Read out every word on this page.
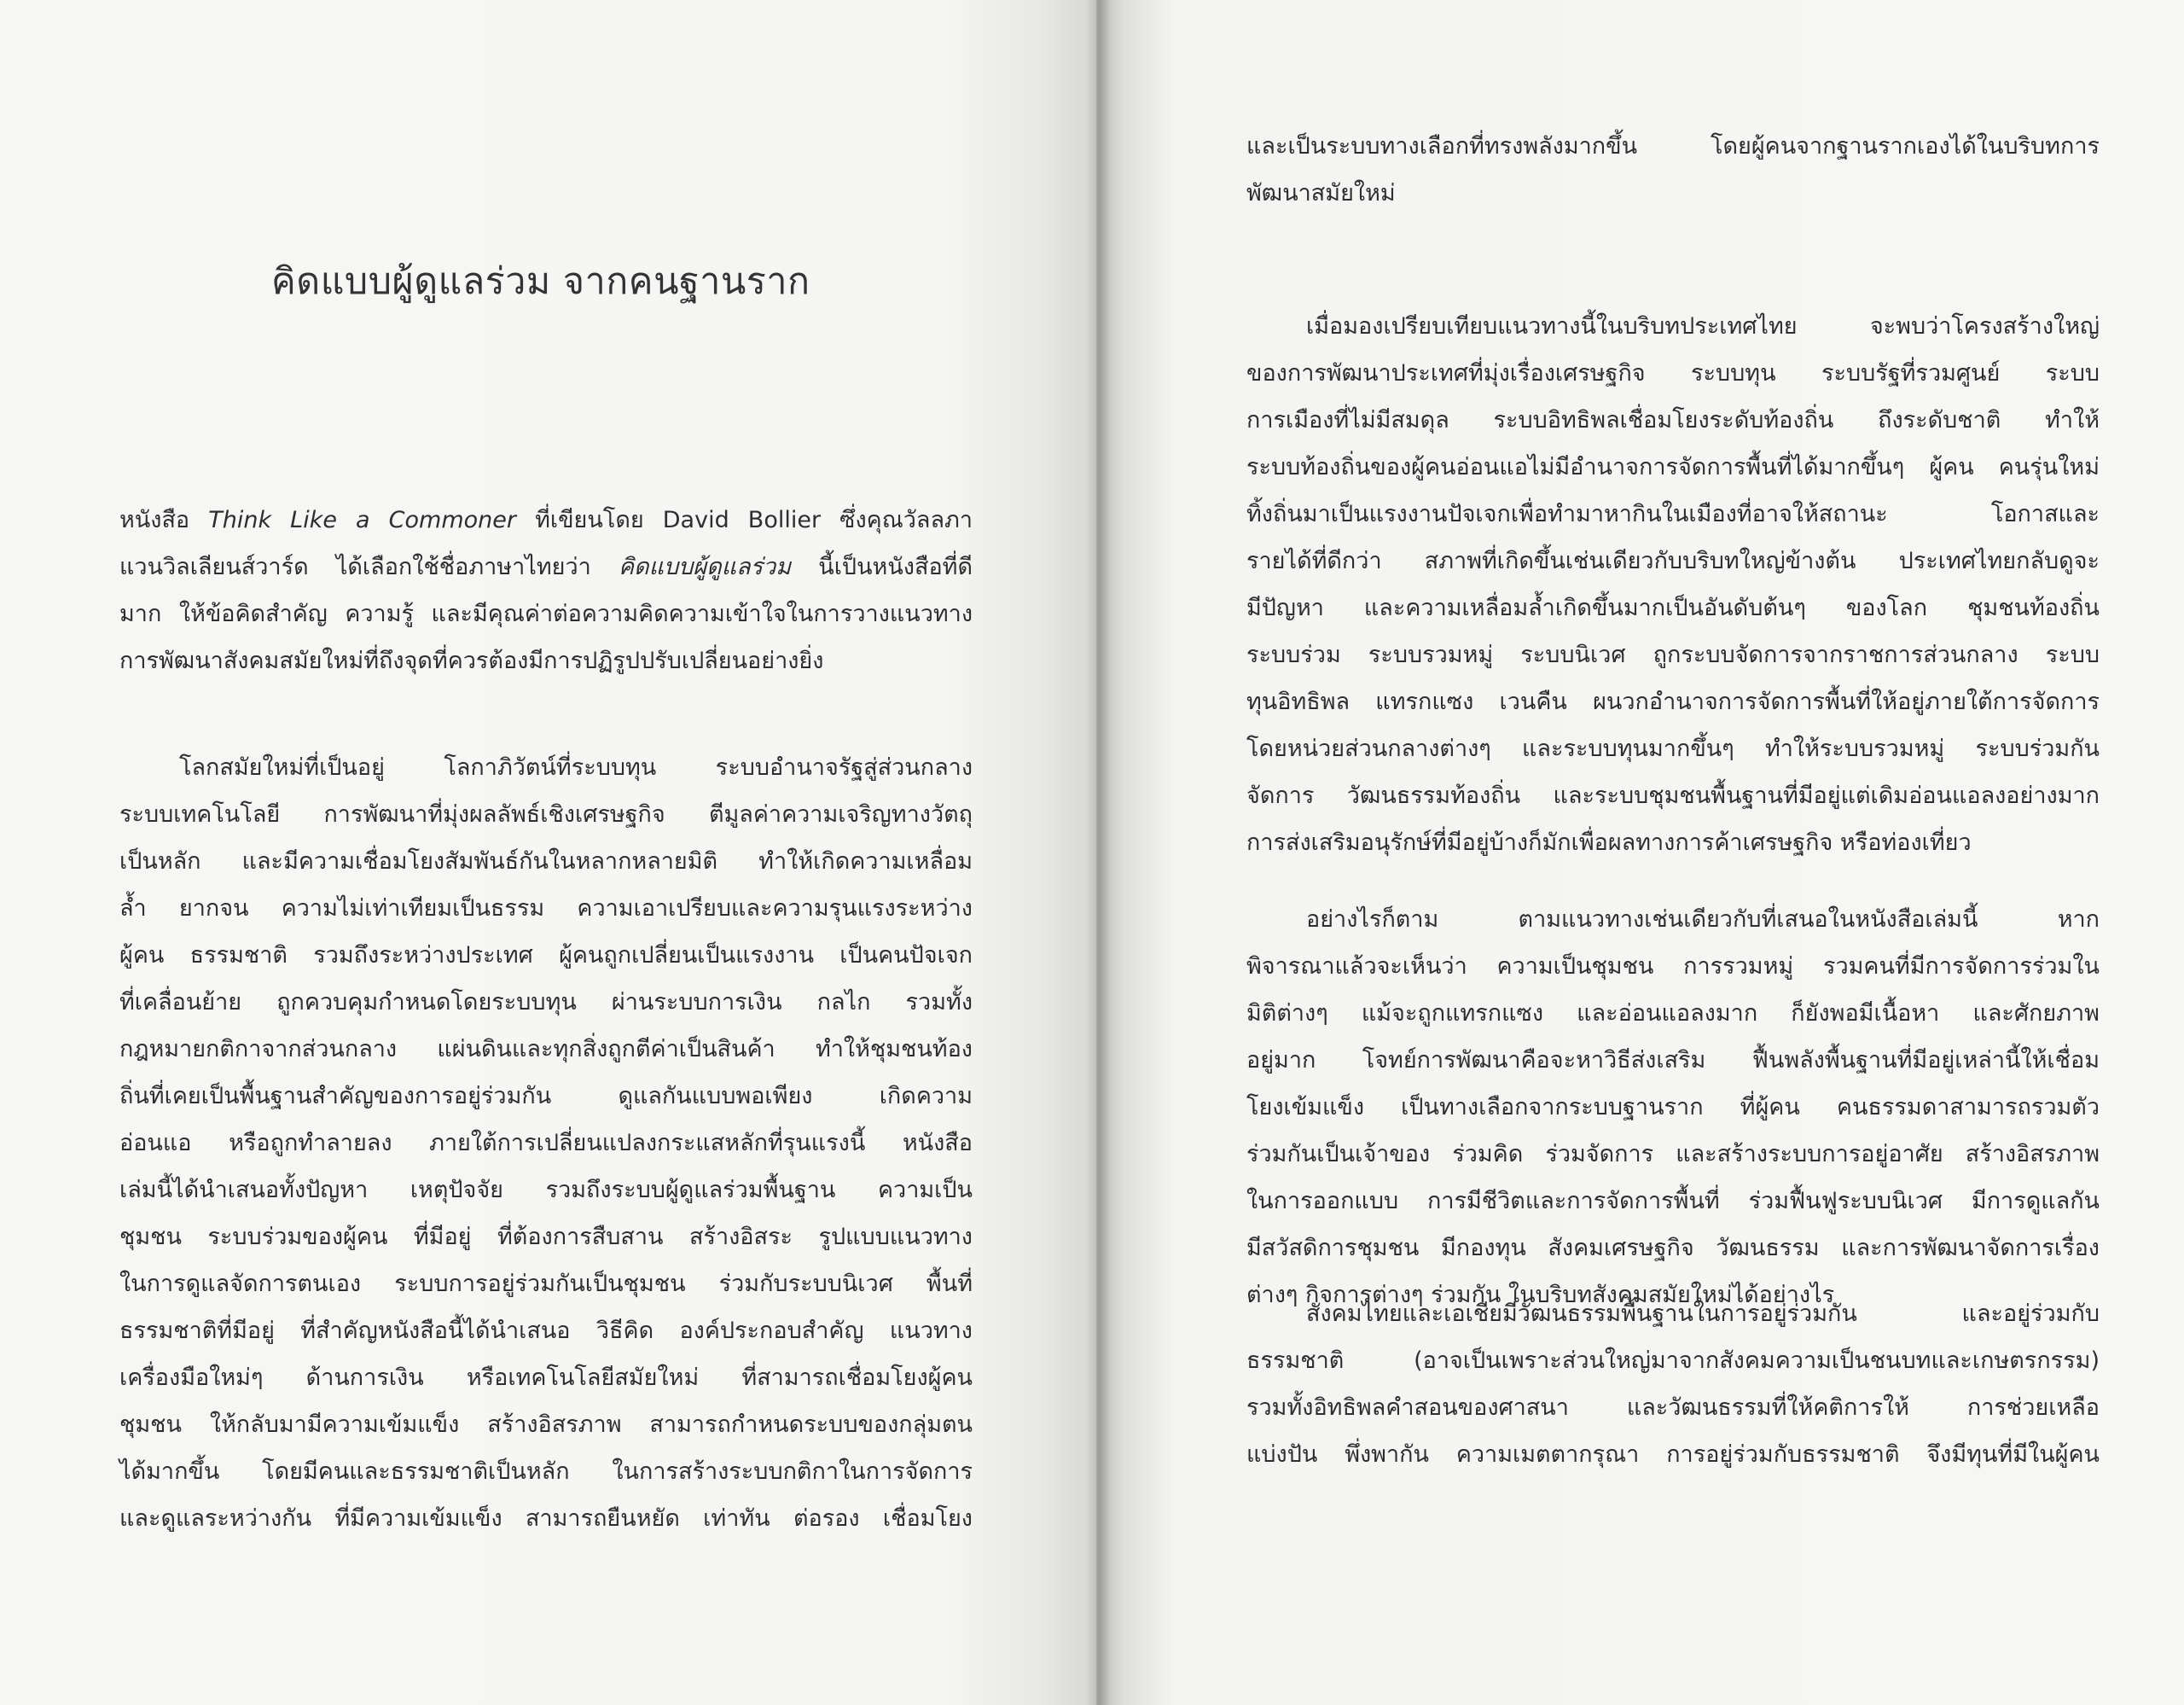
คิดแบบผู้ดูแลร่วม จากคนฐานราก
หนังสือ Think Like a Commoner ที่เขียนโดย David Bollier ซึ่งคุณวัลลภา
แวนวิลเลียนส์วาร์ด ได้เลือกใช้ชื่อภาษาไทยว่า คิดแบบผู้ดูแลร่วม นี้เป็นหนังสือที่ดี
มาก ให้ข้อคิดสำคัญ ความรู้ และมีคุณค่าต่อความคิดความเข้าใจในการวางแนวทาง
การพัฒนาสังคมสมัยใหม่ที่ถึงจุดที่ควรต้องมีการปฏิรูปปรับเปลี่ยนอย่างยิ่ง
โลกสมัยใหม่ที่เป็นอยู่ โลกาภิวัตน์ที่ระบบทุน ระบบอำนาจรัฐสู่ส่วนกลาง
ระบบเทคโนโลยี การพัฒนาที่มุ่งผลลัพธ์เชิงเศรษฐกิจ ตีมูลค่าความเจริญทางวัตถุ
เป็นหลัก และมีความเชื่อมโยงสัมพันธ์กันในหลากหลายมิติ ทำให้เกิดความเหลื่อม
ล้ำ ยากจน ความไม่เท่าเทียมเป็นธรรม ความเอาเปรียบและความรุนแรงระหว่าง
ผู้คน ธรรมชาติ รวมถึงระหว่างประเทศ ผู้คนถูกเปลี่ยนเป็นแรงงาน เป็นคนปัจเจก
ที่เคลื่อนย้าย ถูกควบคุมกำหนดโดยระบบทุน ผ่านระบบการเงิน กลไก รวมทั้ง
กฎหมายกติกาจากส่วนกลาง แผ่นดินและทุกสิ่งถูกตีค่าเป็นสินค้า ทำให้ชุมชนท้อง
ถิ่นที่เคยเป็นพื้นฐานสำคัญของการอยู่ร่วมกัน ดูแลกันแบบพอเพียง เกิดความ
อ่อนแอ หรือถูกทำลายลง ภายใต้การเปลี่ยนแปลงกระแสหลักที่รุนแรงนี้ หนังสือ
เล่มนี้ได้นำเสนอทั้งปัญหา เหตุปัจจัย รวมถึงระบบผู้ดูแลร่วมพื้นฐาน ความเป็น
ชุมชน ระบบร่วมของผู้คน ที่มีอยู่ ที่ต้องการสืบสาน สร้างอิสระ รูปแบบแนวทาง
ในการดูแลจัดการตนเอง ระบบการอยู่ร่วมกันเป็นชุมชน ร่วมกับระบบนิเวศ พื้นที่
ธรรมชาติที่มีอยู่ ที่สำคัญหนังสือนี้ได้นำเสนอ วิธีคิด องค์ประกอบสำคัญ แนวทาง
เครื่องมือใหม่ๆ ด้านการเงิน หรือเทคโนโลยีสมัยใหม่ ที่สามารถเชื่อมโยงผู้คน
ชุมชน ให้กลับมามีความเข้มแข็ง สร้างอิสรภาพ สามารถกำหนดระบบของกลุ่มตน
ได้มากขึ้น โดยมีคนและธรรมชาติเป็นหลัก ในการสร้างระบบกติกาในการจัดการ
และดูแลระหว่างกัน ที่มีความเข้มแข็ง สามารถยืนหยัด เท่าทัน ต่อรอง เชื่อมโยง
และเป็นระบบทางเลือกที่ทรงพลังมากขึ้น โดยผู้คนจากฐานรากเองได้ในบริบทการ
พัฒนาสมัยใหม่
เมื่อมองเปรียบเทียบแนวทางนี้ในบริบทประเทศไทย จะพบว่าโครงสร้างใหญ่
ของการพัฒนาประเทศที่มุ่งเรื่องเศรษฐกิจ ระบบทุน ระบบรัฐที่รวมศูนย์ ระบบ
การเมืองที่ไม่มีสมดุล ระบบอิทธิพลเชื่อมโยงระดับท้องถิ่น ถึงระดับชาติ ทำให้
ระบบท้องถิ่นของผู้คนอ่อนแอไม่มีอำนาจการจัดการพื้นที่ได้มากขึ้นๆ ผู้คน คนรุ่นใหม่
ทิ้งถิ่นมาเป็นแรงงานปัจเจกเพื่อทำมาหากินในเมืองที่อาจให้สถานะ โอกาสและ
รายได้ที่ดีกว่า สภาพที่เกิดขึ้นเช่นเดียวกับบริบทใหญ่ข้างต้น ประเทศไทยกลับดูจะ
มีปัญหา และความเหลื่อมล้ำเกิดขึ้นมากเป็นอันดับต้นๆ ของโลก ชุมชนท้องถิ่น
ระบบร่วม ระบบรวมหมู่ ระบบนิเวศ ถูกระบบจัดการจากราชการส่วนกลาง ระบบ
ทุนอิทธิพล แทรกแซง เวนคืน ผนวกอำนาจการจัดการพื้นที่ให้อยู่ภายใต้การจัดการ
โดยหน่วยส่วนกลางต่างๆ และระบบทุนมากขึ้นๆ ทำให้ระบบรวมหมู่ ระบบร่วมกัน
จัดการ วัฒนธรรมท้องถิ่น และระบบชุมชนพื้นฐานที่มีอยู่แต่เดิมอ่อนแอลงอย่างมาก
การส่งเสริมอนุรักษ์ที่มีอยู่บ้างก็มักเพื่อผลทางการค้าเศรษฐกิจ หรือท่องเที่ยว
อย่างไรก็ตาม ตามแนวทางเช่นเดียวกับที่เสนอในหนังสือเล่มนี้ หาก
พิจารณาแล้วจะเห็นว่า ความเป็นชุมชน การรวมหมู่ รวมคนที่มีการจัดการร่วมใน
มิติต่างๆ แม้จะถูกแทรกแซง และอ่อนแอลงมาก ก็ยังพอมีเนื้อหา และศักยภาพ
อยู่มาก โจทย์การพัฒนาคือจะหาวิธีส่งเสริม ฟื้นพลังพื้นฐานที่มีอยู่เหล่านี้ให้เชื่อม
โยงเข้มแข็ง เป็นทางเลือกจากระบบฐานราก ที่ผู้คน คนธรรมดาสามารถรวมตัว
ร่วมกันเป็นเจ้าของ ร่วมคิด ร่วมจัดการ และสร้างระบบการอยู่อาศัย สร้างอิสรภาพ
ในการออกแบบ การมีชีวิตและการจัดการพื้นที่ ร่วมฟื้นฟูระบบนิเวศ มีการดูแลกัน
มีสวัสดิการชุมชน มีกองทุน สังคมเศรษฐกิจ วัฒนธรรม และการพัฒนาจัดการเรื่อง
ต่างๆ กิจการต่างๆ ร่วมกัน ในบริบทสังคมสมัยใหม่ได้อย่างไร
สังคมไทยและเอเชียมีวัฒนธรรมพื้นฐานในการอยู่ร่วมกัน และอยู่ร่วมกับ
ธรรมชาติ (อาจเป็นเพราะส่วนใหญ่มาจากสังคมความเป็นชนบทและเกษตรกรรม)
รวมทั้งอิทธิพลคำสอนของศาสนา และวัฒนธรรมที่ให้คติการให้ การช่วยเหลือ
แบ่งปัน พึ่งพากัน ความเมตตากรุณา การอยู่ร่วมกับธรรมชาติ จึงมีทุนที่มีในผู้คน
